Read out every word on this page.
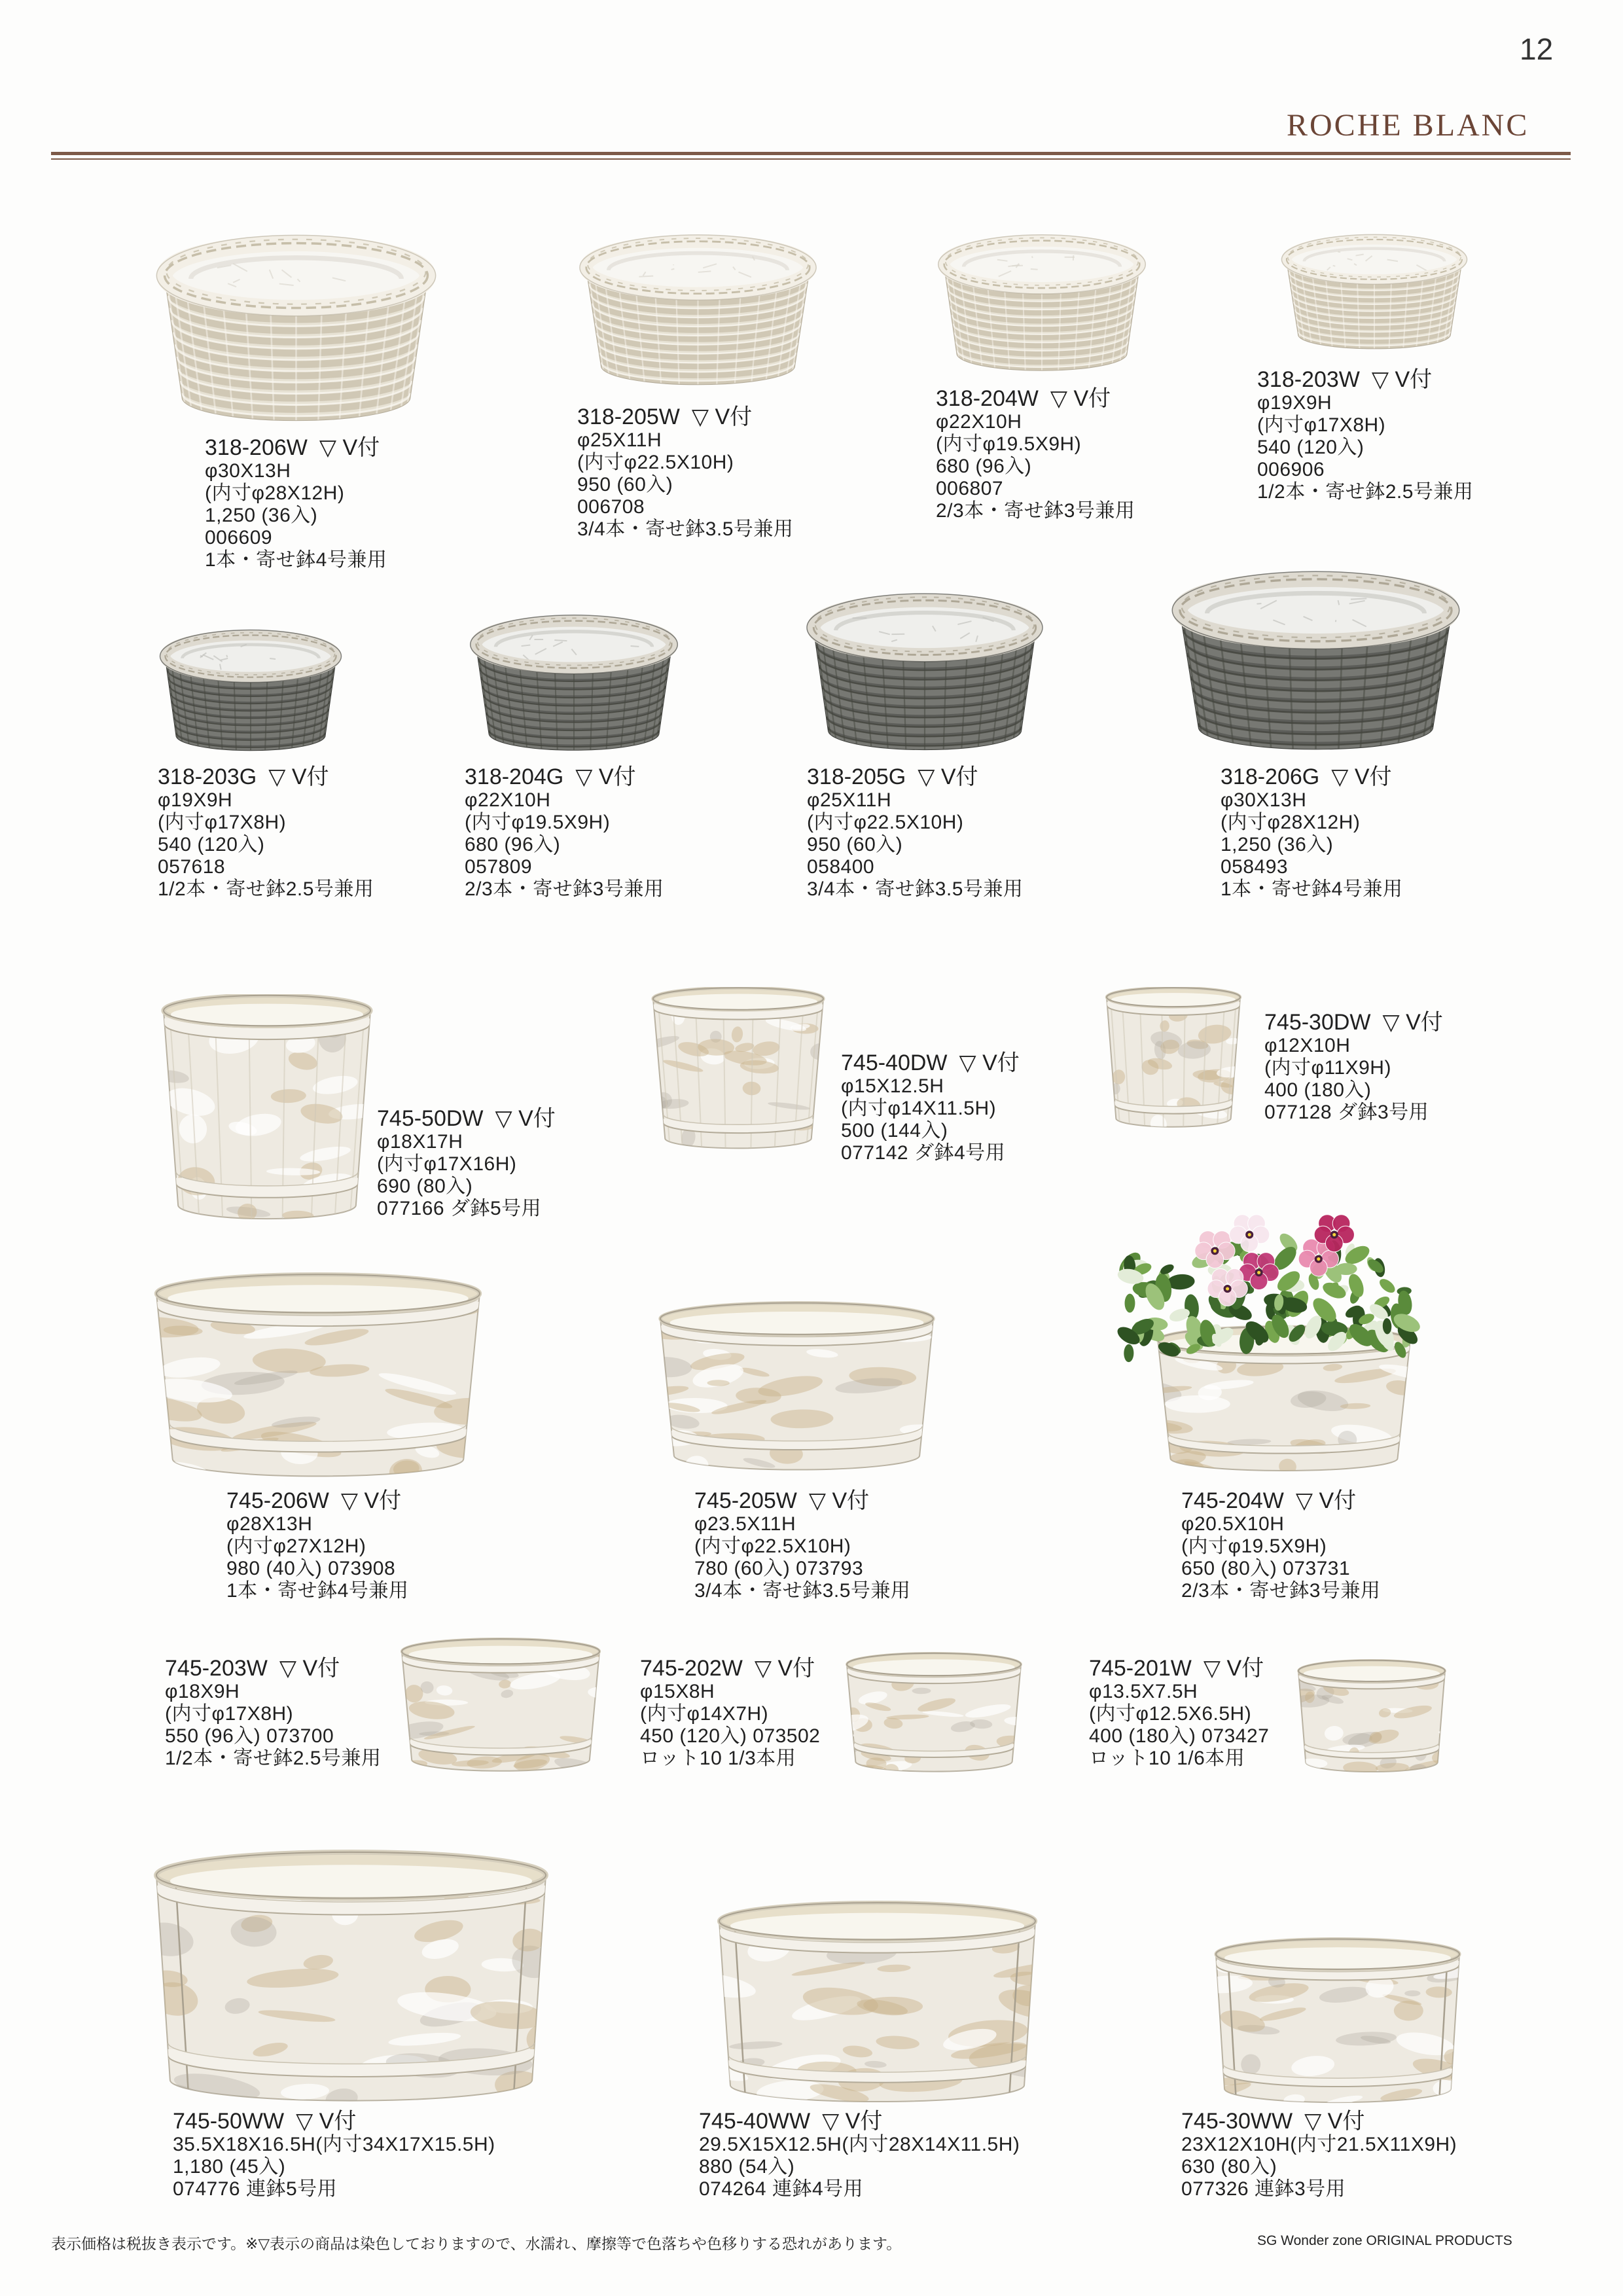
12
ROCHE BLANC
318-206W ▽ V付
φ30X13H
(内寸φ28X12H)
1,250 (36入)
006609
1本・寄せ鉢4号兼用
318-205W ▽ V付
φ25X11H
(内寸φ22.5X10H)
950 (60入)
006708
3/4本・寄せ鉢3.5号兼用
318-204W ▽ V付
φ22X10H
(内寸φ19.5X9H)
680 (96入)
006807
2/3本・寄せ鉢3号兼用
318-203W ▽ V付
φ19X9H
(内寸φ17X8H)
540 (120入)
006906
1/2本・寄せ鉢2.5号兼用
318-203G ▽ V付
φ19X9H
(内寸φ17X8H)
540 (120入)
057618
1/2本・寄せ鉢2.5号兼用
318-204G ▽ V付
φ22X10H
(内寸φ19.5X9H)
680 (96入)
057809
2/3本・寄せ鉢3号兼用
318-205G ▽ V付
φ25X11H
(内寸φ22.5X10H)
950 (60入)
058400
3/4本・寄せ鉢3.5号兼用
318-206G ▽ V付
φ30X13H
(内寸φ28X12H)
1,250 (36入)
058493
1本・寄せ鉢4号兼用
745-50DW ▽ V付
φ18X17H
(内寸φ17X16H)
690 (80入)
077166 ダ鉢5号用
745-40DW ▽ V付
φ15X12.5H
(内寸φ14X11.5H)
500 (144入)
077142 ダ鉢4号用
745-30DW ▽ V付
φ12X10H
(内寸φ11X9H)
400 (180入)
077128 ダ鉢3号用
745-206W ▽ V付
φ28X13H
(内寸φ27X12H)
980 (40入) 073908
1本・寄せ鉢4号兼用
745-205W ▽ V付
φ23.5X11H
(内寸φ22.5X10H)
780 (60入) 073793
3/4本・寄せ鉢3.5号兼用
745-204W ▽ V付
φ20.5X10H
(内寸φ19.5X9H)
650 (80入) 073731
2/3本・寄せ鉢3号兼用
745-203W ▽ V付
φ18X9H
(内寸φ17X8H)
550 (96入) 073700
1/2本・寄せ鉢2.5号兼用
745-202W ▽ V付
φ15X8H
(内寸φ14X7H)
450 (120入) 073502
ロット10 1/3本用
745-201W ▽ V付
φ13.5X7.5H
(内寸φ12.5X6.5H)
400 (180入) 073427
ロット10 1/6本用
745-50WW ▽ V付
35.5X18X16.5H(内寸34X17X15.5H)
1,180 (45入)
074776 連鉢5号用
745-40WW ▽ V付
29.5X15X12.5H(内寸28X14X11.5H)
880 (54入)
074264 連鉢4号用
745-30WW ▽ V付
23X12X10H(内寸21.5X11X9H)
630 (80入)
077326 連鉢3号用
表示価格は税抜き表示です。※▽表示の商品は染色しておりますので、水濡れ、摩擦等で色落ちや色移りする恐れがあります。	SG Wonder zone ORIGINAL PRODUCTS
